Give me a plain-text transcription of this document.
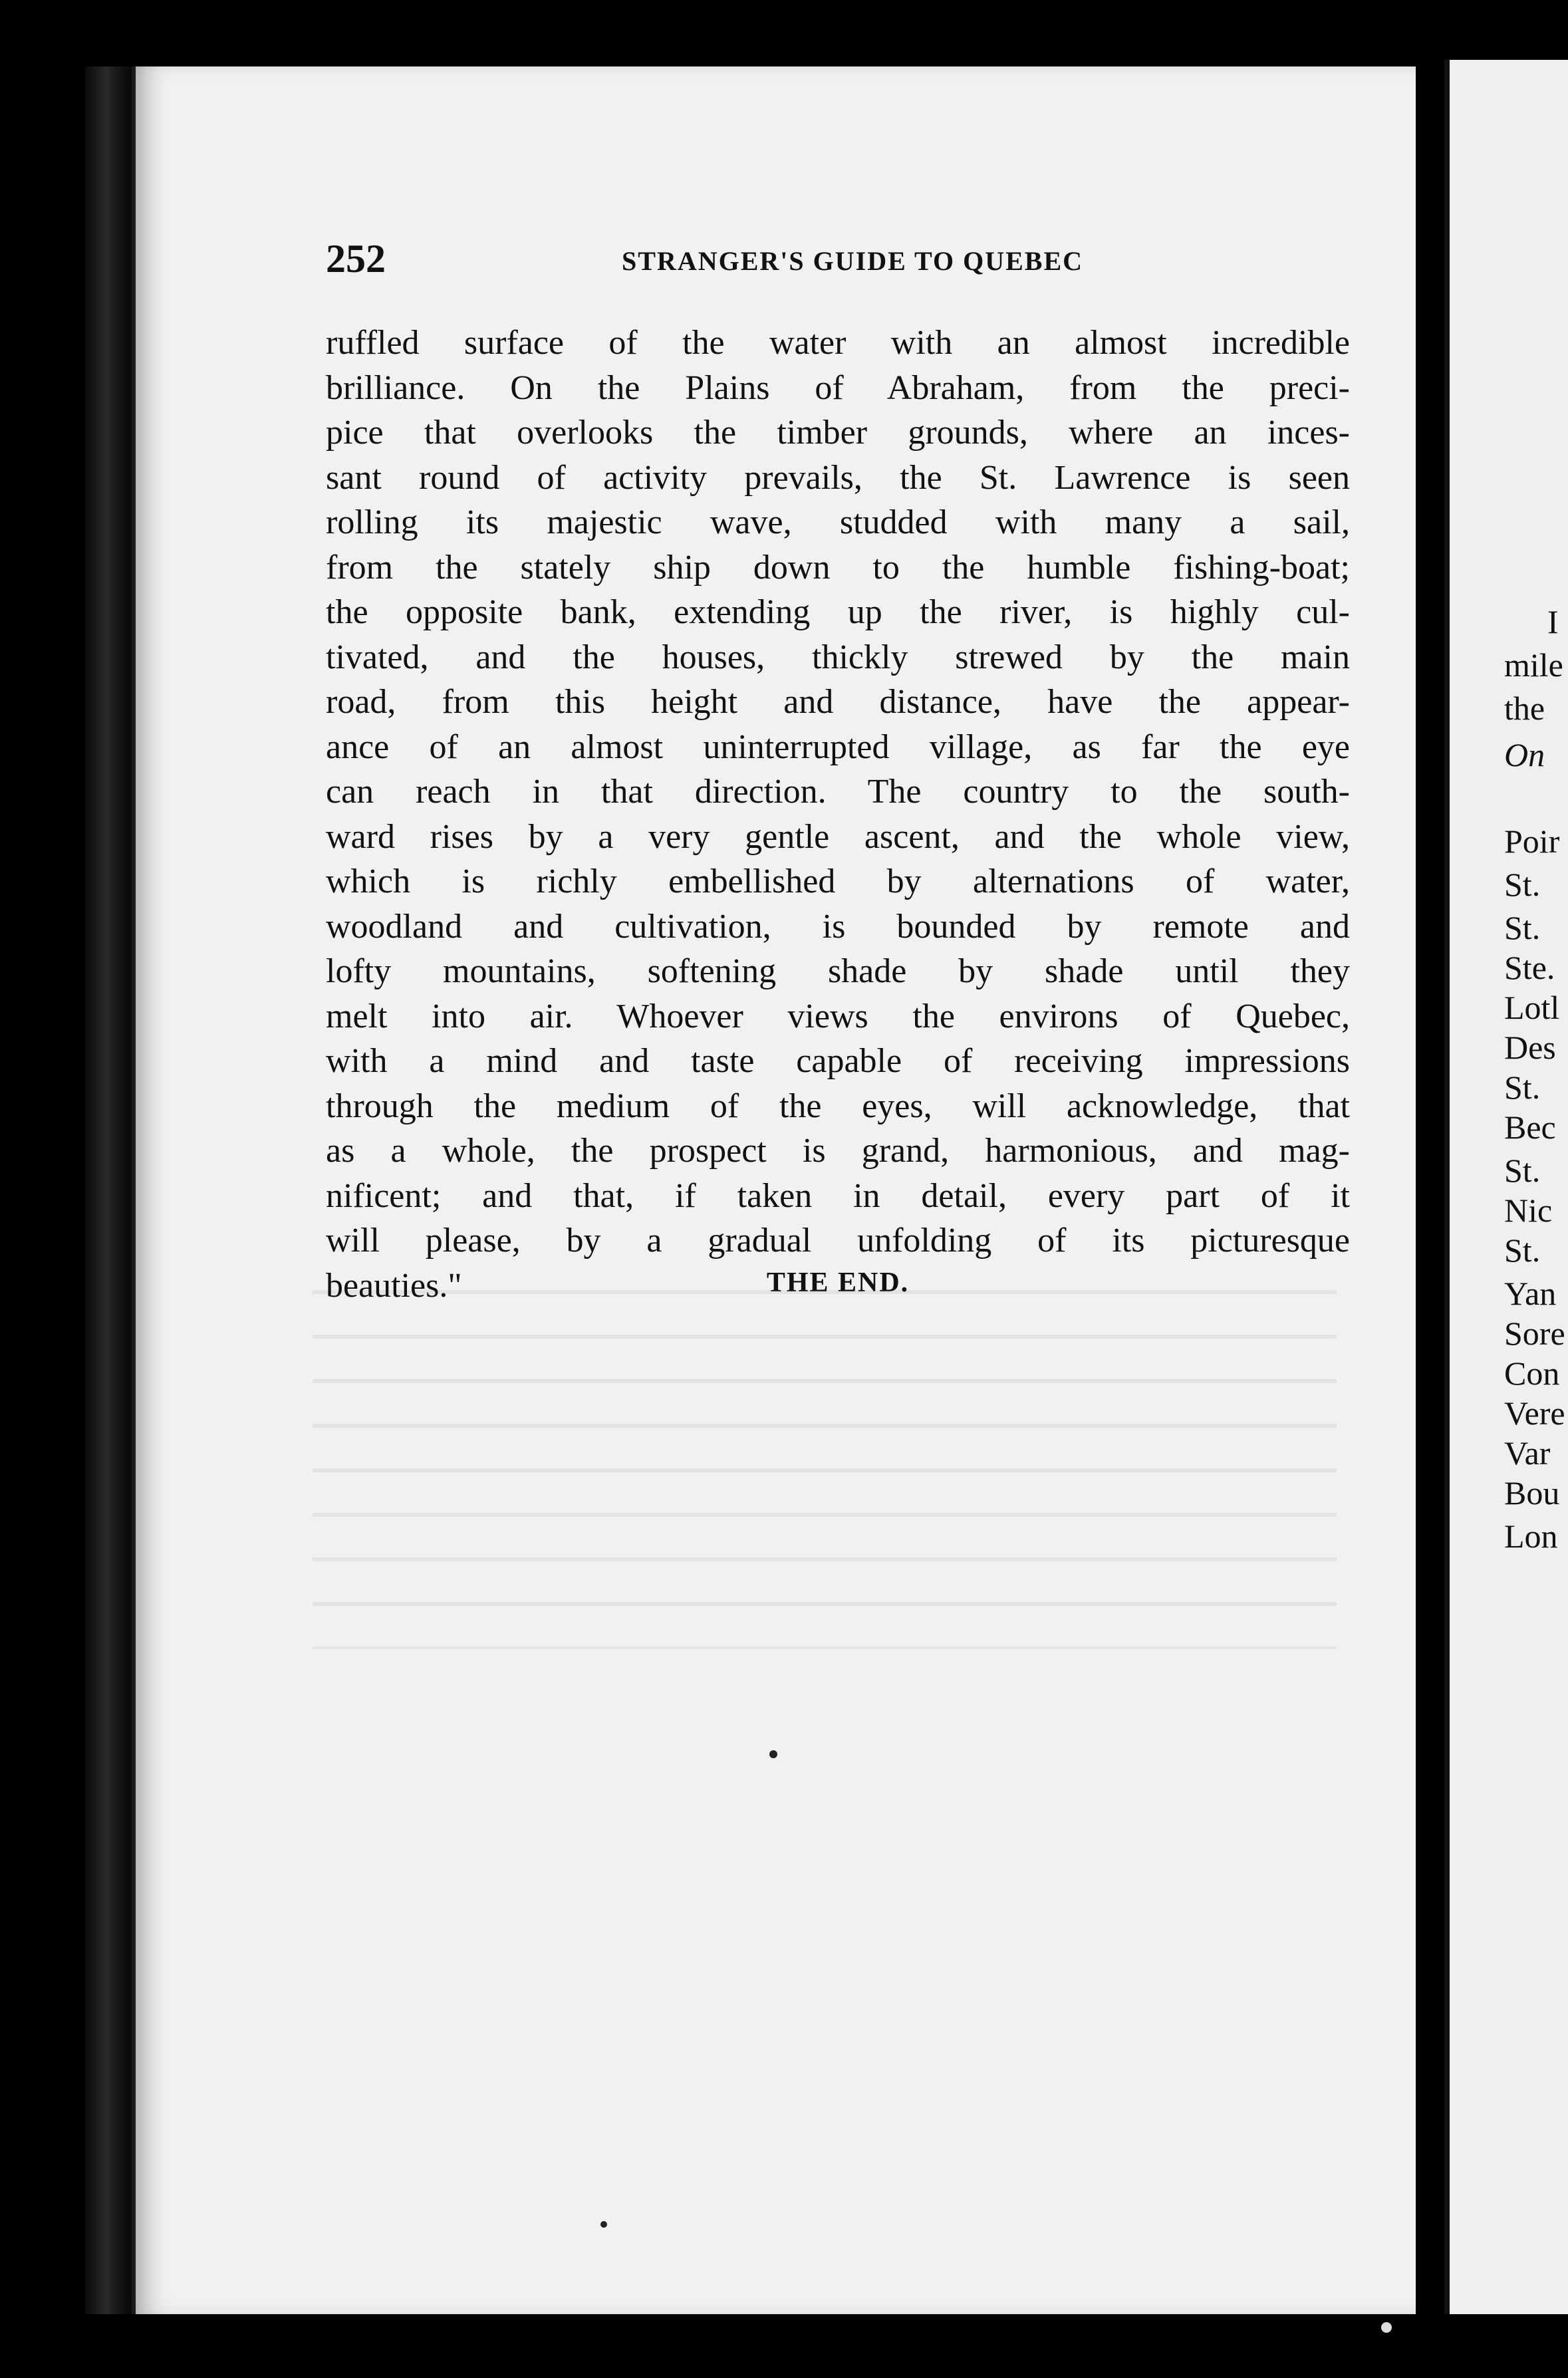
252	STRANGER'S GUIDE TO QUEBEC
ruffled surface of the water with an almost incredible
brilliance. On the Plains of Abraham, from the preci-
pice that overlooks the timber grounds, where an inces-
sant round of activity prevails, the St. Lawrence is seen
rolling its majestic wave, studded with many a sail,
from the stately ship down to the humble fishing-boat;
the opposite bank, extending up the river, is highly cul-
tivated, and the houses, thickly strewed by the main
road, from this height and distance, have the appear-
ance of an almost uninterrupted village, as far the eye
can reach in that direction. The country to the south-
ward rises by a very gentle ascent, and the whole view,
which is richly embellished by alternations of water,
woodland and cultivation, is bounded by remote and
lofty mountains, softening shade by shade until they
melt into air. Whoever views the environs of Quebec,
with a mind and taste capable of receiving impressions
through the medium of the eyes, will acknowledge, that
as a whole, the prospect is grand, harmonious, and mag-
nificent; and that, if taken in detail, every part of it
will please, by a gradual unfolding of its picturesque
beauties."	THE END.
I
mile
the
On
Poir
St.
St.
Ste.
Lotl
Des
St.
Bec
St.
Nic
St.
Yan
Sore
Con
Vere
Var
Bou
Lon
